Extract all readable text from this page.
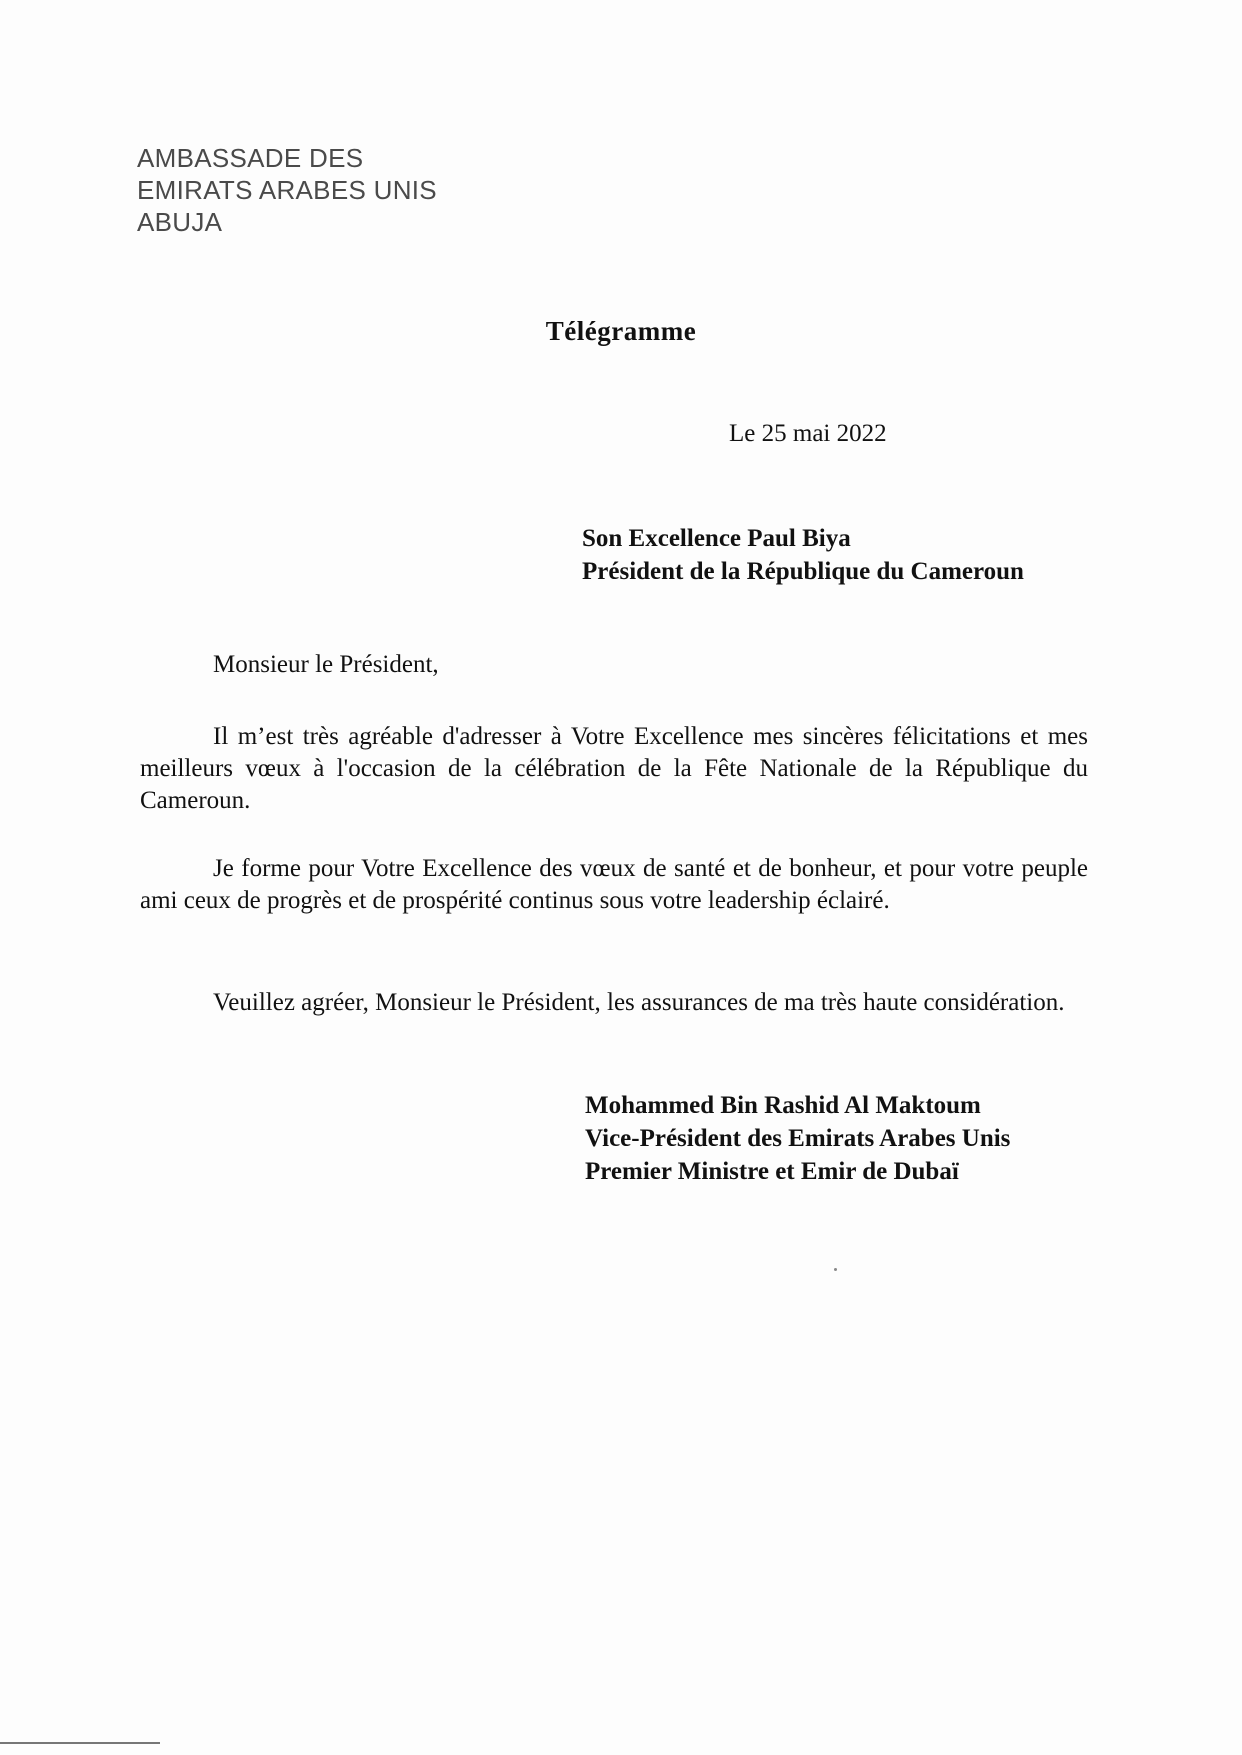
AMBASSADE DES
EMIRATS ARABES UNIS
ABUJA
Télégramme
Le 25 mai 2022
Son Excellence Paul Biya
Président de la République du Cameroun
Monsieur le Président,

Il m’est très agréable d'adresser à Votre Excellence mes sincères félicitations et mes meilleurs vœux à l'occasion de la célébration de la Fête Nationale de la République du Cameroun.

Je forme pour Votre Excellence des vœux de santé et de bonheur, et pour votre peuple ami ceux de progrès et de prospérité continus sous votre leadership éclairé.

Veuillez agréer, Monsieur le Président, les assurances de ma très haute considération.

Mohammed Bin Rashid Al Maktoum
Vice-Président des Emirats Arabes Unis
Premier Ministre et Emir de Dubaï
